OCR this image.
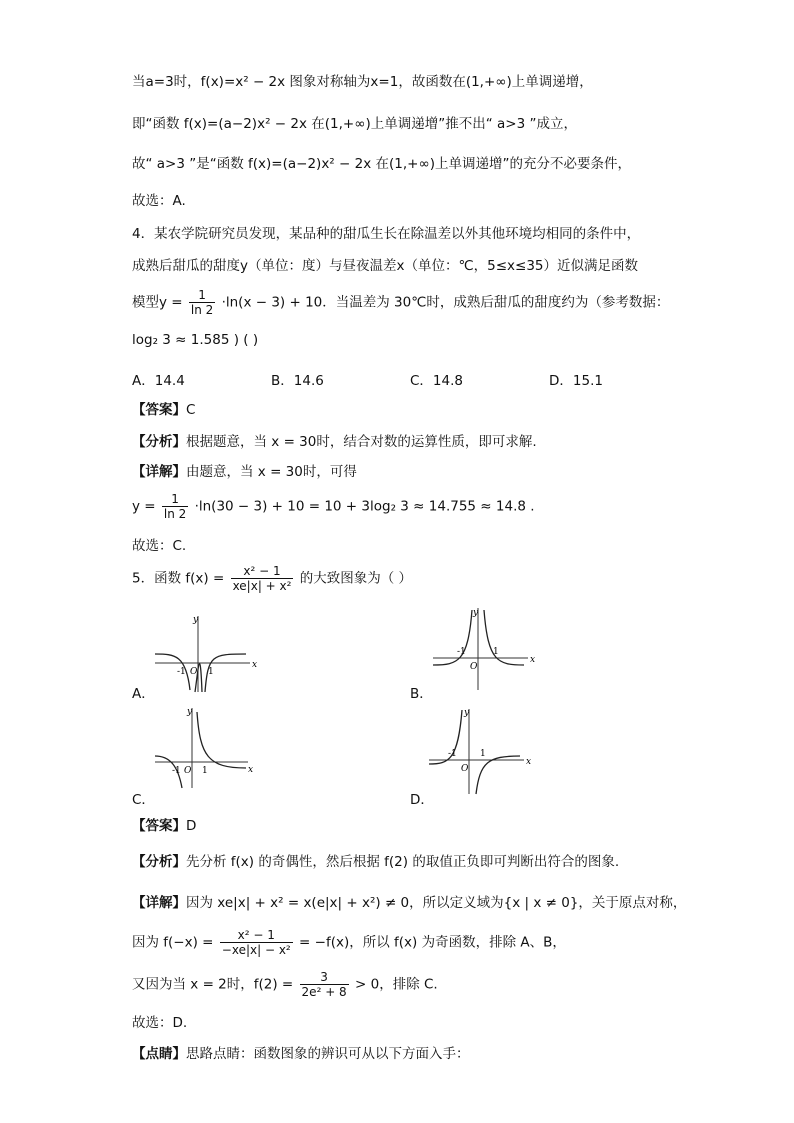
当a=3时，f(x)=x² − 2x 图象对称轴为x=1，故函数在(1,+∞)上单调递增，
即“函数 f(x)=(a−2)x² − 2x 在(1,+∞)上单调递增”推不出“ a>3 ”成立，
故“ a>3 ”是“函数 f(x)=(a−2)x² − 2x 在(1,+∞)上单调递增”的充分不必要条件，
故选：A.
4．某农学院研究员发现，某品种的甜瓜生长在除温差以外其他环境均相同的条件中，
成熟后甜瓜的甜度y（单位：度）与昼夜温差x（单位：℃，5≤x≤35）近似满足函数
模型$y = \frac{1}{\ln 2} \cdot\ln(x - 3) + 10$．当温差为 30℃时，成熟后甜瓜的甜度约为（参考数据：
log₂ 3 ≈ 1.585 ) ( )
A．14.4	B．14.6	C．14.8	D．15.1
【答案】C
【分析】根据题意，当 x = 30时，结合对数的运算性质，即可求解.
【详解】由题意，当 x = 30时，可得
$y = \frac{1}{\ln 2} \cdot\ln(30 - 3) + 10 = 10 + 3\log_2$ 3 ≈ 14.755 ≈ 14.8 .
故选：C.
5．函数 $f(x) = \frac{\text{x² − 1}}{\text{xe|x| + x²}}$ 的大致图象为（ ）
y
x
-1 O 1
A．
y
x
-1
O
1
B．
y
x
-1 O 1
C．
y
x
-1
O
1
D．
【答案】D
【分析】先分析 f(x) 的奇偶性，然后根据 f(2) 的取值正负即可判断出符合的图象.
【详解】因为 xe|x| + x² = x(e|x| + x²) ≠ 0，所以定义域为{x | x ≠ 0}，关于原点对称，
因为 $f(-x) = \frac{\text{x² − 1}}{\text{−xe|x| − x²}} = -f(x)$，所以 f(x) 为奇函数，排除 A、B，
又因为当 x = 2时，$f(2) = \frac{3}{\text{2e² + 8}} > 0$，排除 C.
故选：D.
【点睛】思路点睛：函数图象的辨识可从以下方面入手：
